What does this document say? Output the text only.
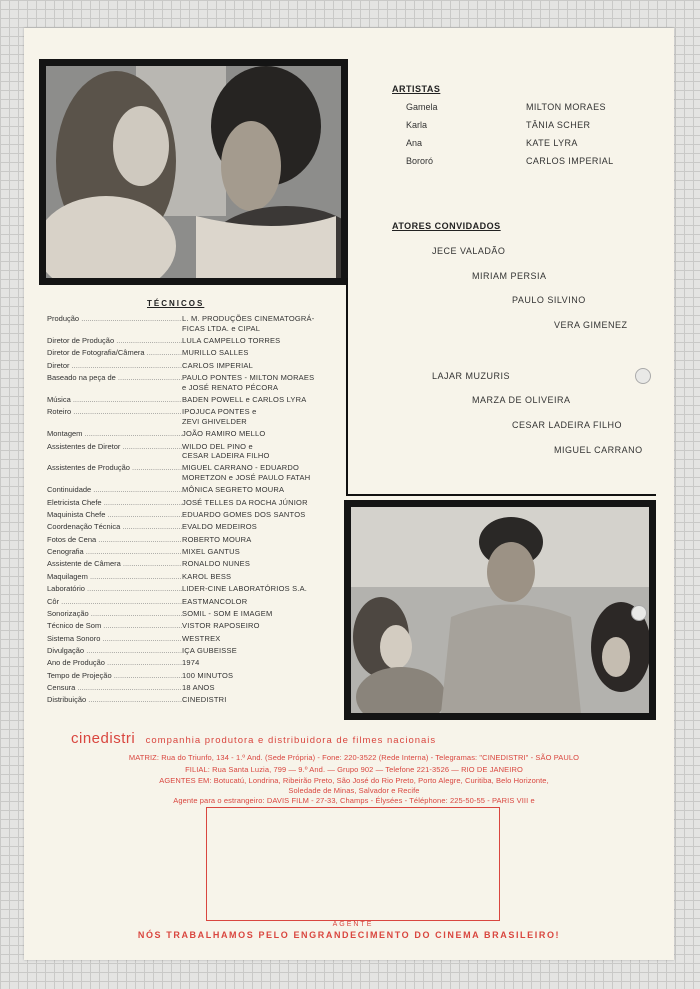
ARTISTAS
Gamela	MILTON MORAES
Karla	TÂNIA SCHER
Ana	KATE LYRA
Bororó	CARLOS IMPERIAL
ATORES CONVIDADOS
JECE VALADÃO
MIRIAM PERSIA
PAULO SILVINO
VERA GIMENEZ
LAJAR MUZURIS
MARZA DE OLIVEIRA
CESAR LADEIRA FILHO
MIGUEL CARRANO
TÉCNICOS
Produção .....	L. M. PRODUÇÕES CINEMATOGRÁ-
FICAS LTDA. e CIPAL
Diretor de Produção .....	LULA CAMPELLO TORRES
Diretor de Fotografia/Câmera .....	MURILLO SALLES
Diretor .....	CARLOS IMPERIAL
Baseado na peça de .....	PAULO PONTES - MILTON MORAES
e JOSÉ RENATO PÉCORA
Música .....	BADEN POWELL e CARLOS LYRA
Roteiro .....	IPOJUCA PONTES e
ZEVI GHIVELDER
Montagem .....	JOÃO RAMIRO MELLO
Assistentes de Diretor .....	WILDO DEL PINO e
CESAR LADEIRA FILHO
Assistentes de Produção .....	MIGUEL CARRANO - EDUARDO
MORETZON e JOSÉ PAULO FATAH
Continuidade .....	MÔNICA SEGRETO MOURA
Eletricista Chefe .....	JOSÉ TELLES DA ROCHA JÚNIOR
Maquinista Chefe .....	EDUARDO GOMES DOS SANTOS
Coordenação Técnica .....	EVALDO MEDEIROS
Fotos de Cena .....	ROBERTO MOURA
Cenografia .....	MIXEL GANTUS
Assistente de Câmera .....	RONALDO NUNES
Maquilagem .....	KAROL BESS
Laboratório .....	LIDER-CINE LABORATÓRIOS S.A.
Côr .....	EASTMANCOLOR
Sonorização .....	SOMIL - SOM E IMAGEM
Técnico de Som .....	VISTOR RAPOSEIRO
Sistema Sonoro .....	WESTREX
Divulgação .....	IÇA GUBEISSE
Ano de Produção .....	1974
Tempo de Projeção .....	100 MINUTOS
Censura .....	18 ANOS
Distribuição .....	CINEDISTRI
cinedistri companhia produtora e distribuidora de filmes nacionais
MATRIZ: Rua do Triunfo, 134 - 1.º And. (Sede Própria) - Fone: 220-3522 (Rede Interna) - Telegramas: "CINEDISTRI" - SÃO PAULO
FILIAL: Rua Santa Luzia, 799 — 9.º And. — Grupo 902 — Telefone 221-3526 — RIO DE JANEIRO
AGENTES EM: Botucatú, Londrina, Ribeirão Preto, São José do Rio Preto, Porto Alegre, Curitiba, Belo Horizonte,
Soledade de Minas, Salvador e Recife
Agente para o estrangeiro: DAVIS FILM - 27-33, Champs - Élysées - Téléphone: 225-50-55 - PARIS VIII e
AGENTE
NÓS TRABALHAMOS PELO ENGRANDECIMENTO DO CINEMA BRASILEIRO!
